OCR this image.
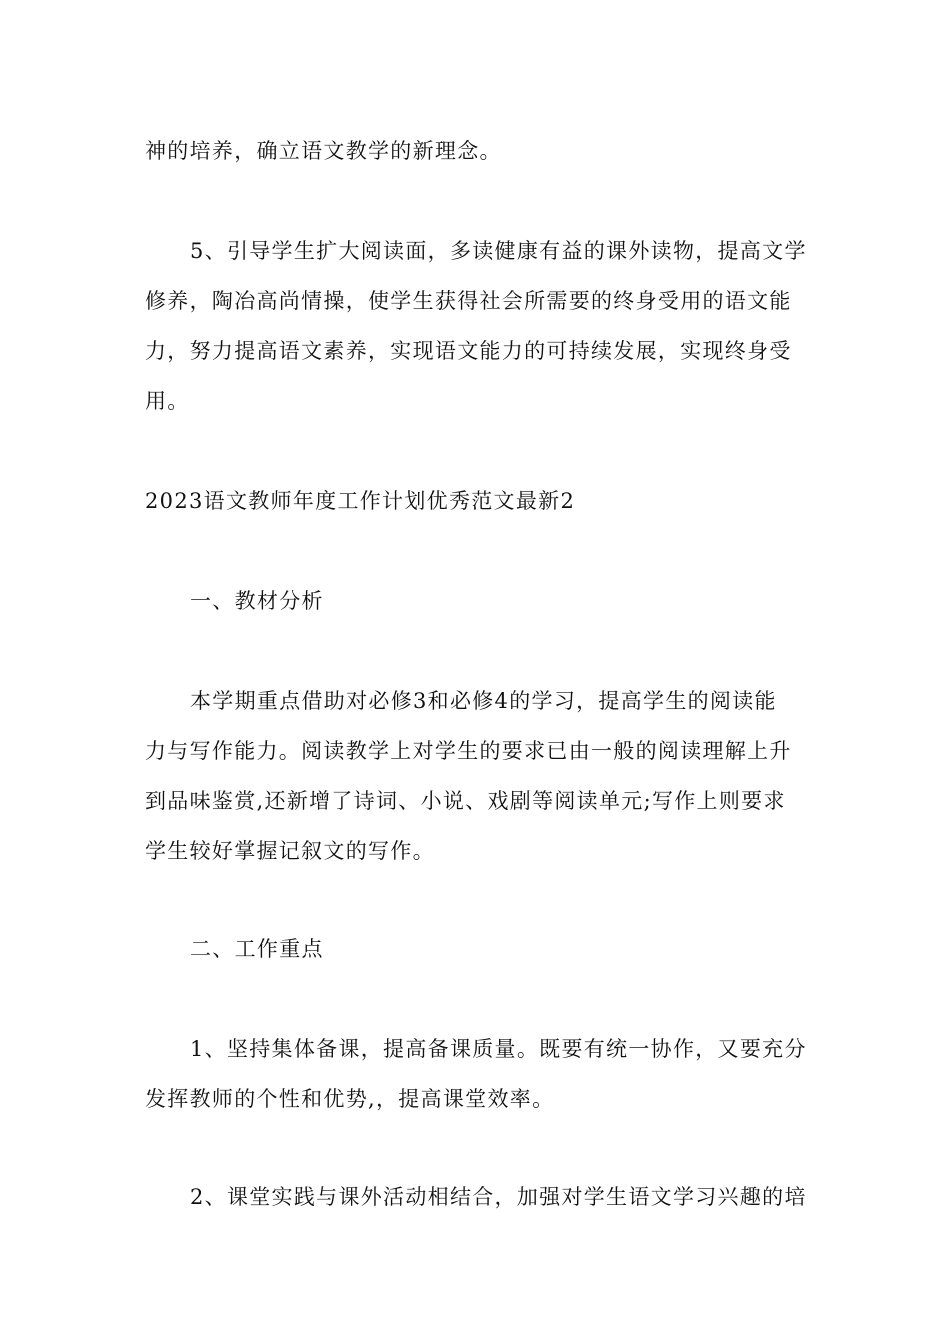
神的培养，确立语文教学的新理念。
5、引导学生扩大阅读面，多读健康有益的课外读物，提高文学
修养，陶冶高尚情操，使学生获得社会所需要的终身受用的语文能
力，努力提高语文素养，实现语文能力的可持续发展，实现终身受
用。
2023语文教师年度工作计划优秀范文最新2
一、教材分析
本学期重点借助对必修3和必修4的学习，提高学生的阅读能
力与写作能力。阅读教学上对学生的要求已由一般的阅读理解上升
到品味鉴赏,还新增了诗词、小说、戏剧等阅读单元;写作上则要求
学生较好掌握记叙文的写作。
二、工作重点
1、坚持集体备课，提高备课质量。既要有统一协作，又要充分
发挥教师的个性和优势,，提高课堂效率。
2、课堂实践与课外活动相结合，加强对学生语文学习兴趣的培
